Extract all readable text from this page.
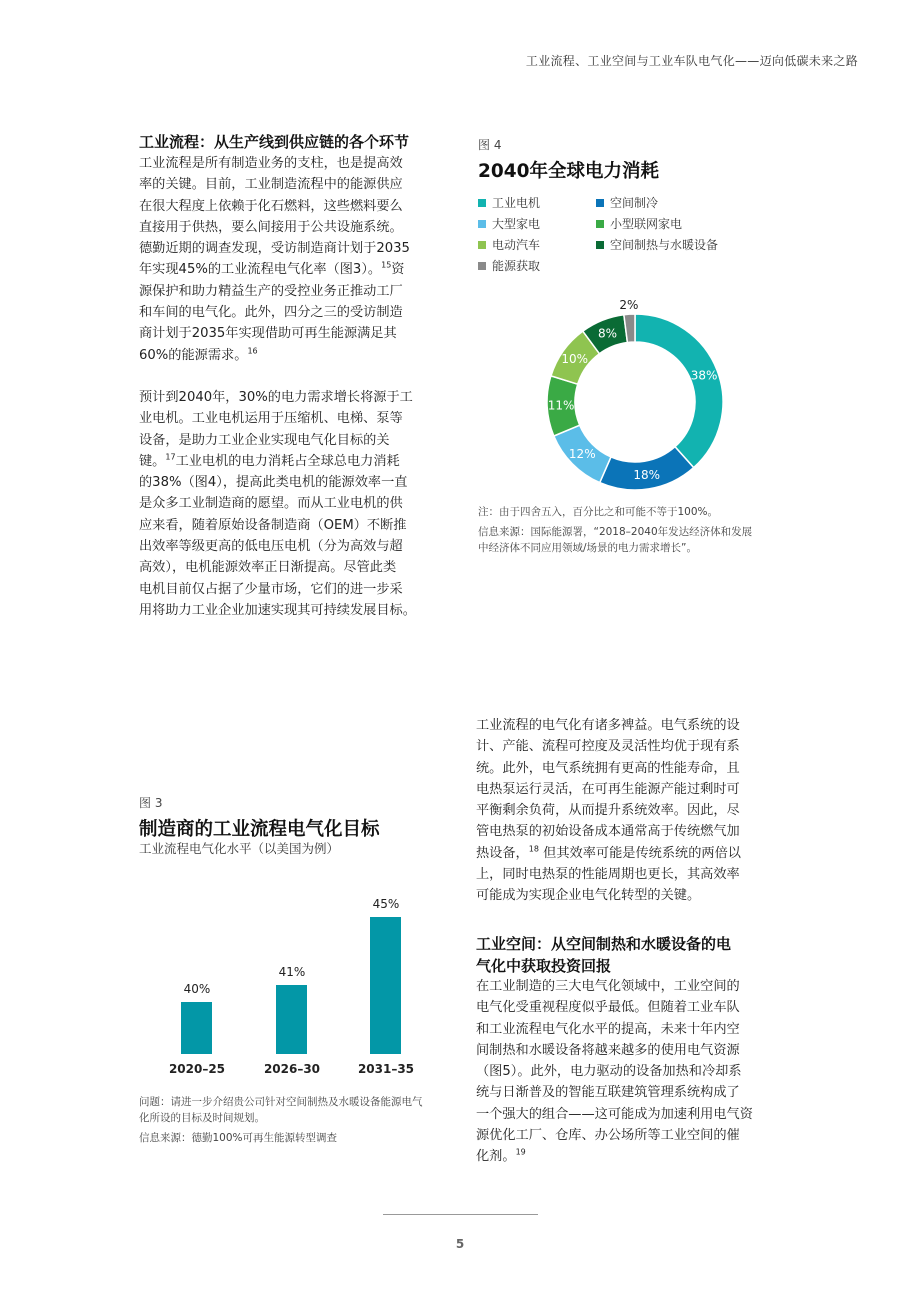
工业流程、工业空间与工业车队电气化——迈向低碳未来之路
工业流程：从生产线到供应链的各个环节

工业流程是所有制造业务的支柱，也是提高效
率的关键。目前，工业制造流程中的能源供应
在很大程度上依赖于化石燃料，这些燃料要么
直接用于供热，要么间接用于公共设施系统。
德勤近期的调查发现，受访制造商计划于2035
年实现45%的工业流程电气化率（图3）。$^{15}$资
源保护和助力精益生产的受控业务正推动工厂
和车间的电气化。此外，四分之三的受访制造
商计划于2035年实现借助可再生能源满足其
60%的能源需求。$^{16}$

预计到2040年，30%的电力需求增长将源于工
业电机。工业电机运用于压缩机、电梯、泵等
设备，是助力工业企业实现电气化目标的关
键。$^{17}$工业电机的电力消耗占全球总电力消耗
的38%（图4），提高此类电机的能源效率一直
是众多工业制造商的愿望。而从工业电机的供
应来看，随着原始设备制造商（OEM）不断推
出效率等级更高的低电压电机（分为高效与超
高效），电机能源效率正日渐提高。尽管此类
电机目前仅占据了少量市场，它们的进一步采
用将助力工业企业加速实现其可持续发展目标。

图 4
2040年全球电力消耗
工业电机	空间制冷
大型家电	小型联网家电
电动汽车	空间制热与水暖设备
能源获取
38%
18%
12%
11%
10%
8%
2%
注：由于四舍五入，百分比之和可能不等于100%。
信息来源：国际能源署，“2018–2040年发达经济体和发展
中经济体不同应用领域/场景的电力需求增长”。
图 3
制造商的工业流程电气化目标
工业流程电气化水平（以美国为例）
40%
2020–25
41%
2026–30
45%
2031–35
问题：请进一步介绍贵公司针对空间制热及水暖设备能源电气
化所设的目标及时间规划。
信息来源：德勤100%可再生能源转型调查

工业流程的电气化有诸多裨益。电气系统的设
计、产能、流程可控度及灵活性均优于现有系
统。此外，电气系统拥有更高的性能寿命，且
电热泵运行灵活，在可再生能源产能过剩时可
平衡剩余负荷，从而提升系统效率。因此，尽
管电热泵的初始设备成本通常高于传统燃气加
热设备，$^{18}$ 但其效率可能是传统系统的两倍以
上，同时电热泵的性能周期也更长，其高效率
可能成为实现企业电气化转型的关键。

工业空间：从空间制热和水暖设备的电
气化中获取投资回报

在工业制造的三大电气化领域中，工业空间的
电气化受重视程度似乎最低。但随着工业车队
和工业流程电气化水平的提高，未来十年内空
间制热和水暖设备将越来越多的使用电气资源
（图5）。此外，电力驱动的设备加热和冷却系
统与日渐普及的智能互联建筑管理系统构成了
一个强大的组合——这可能成为加速利用电气资
源优化工厂、仓库、办公场所等工业空间的催
化剂。$^{19}$

5
